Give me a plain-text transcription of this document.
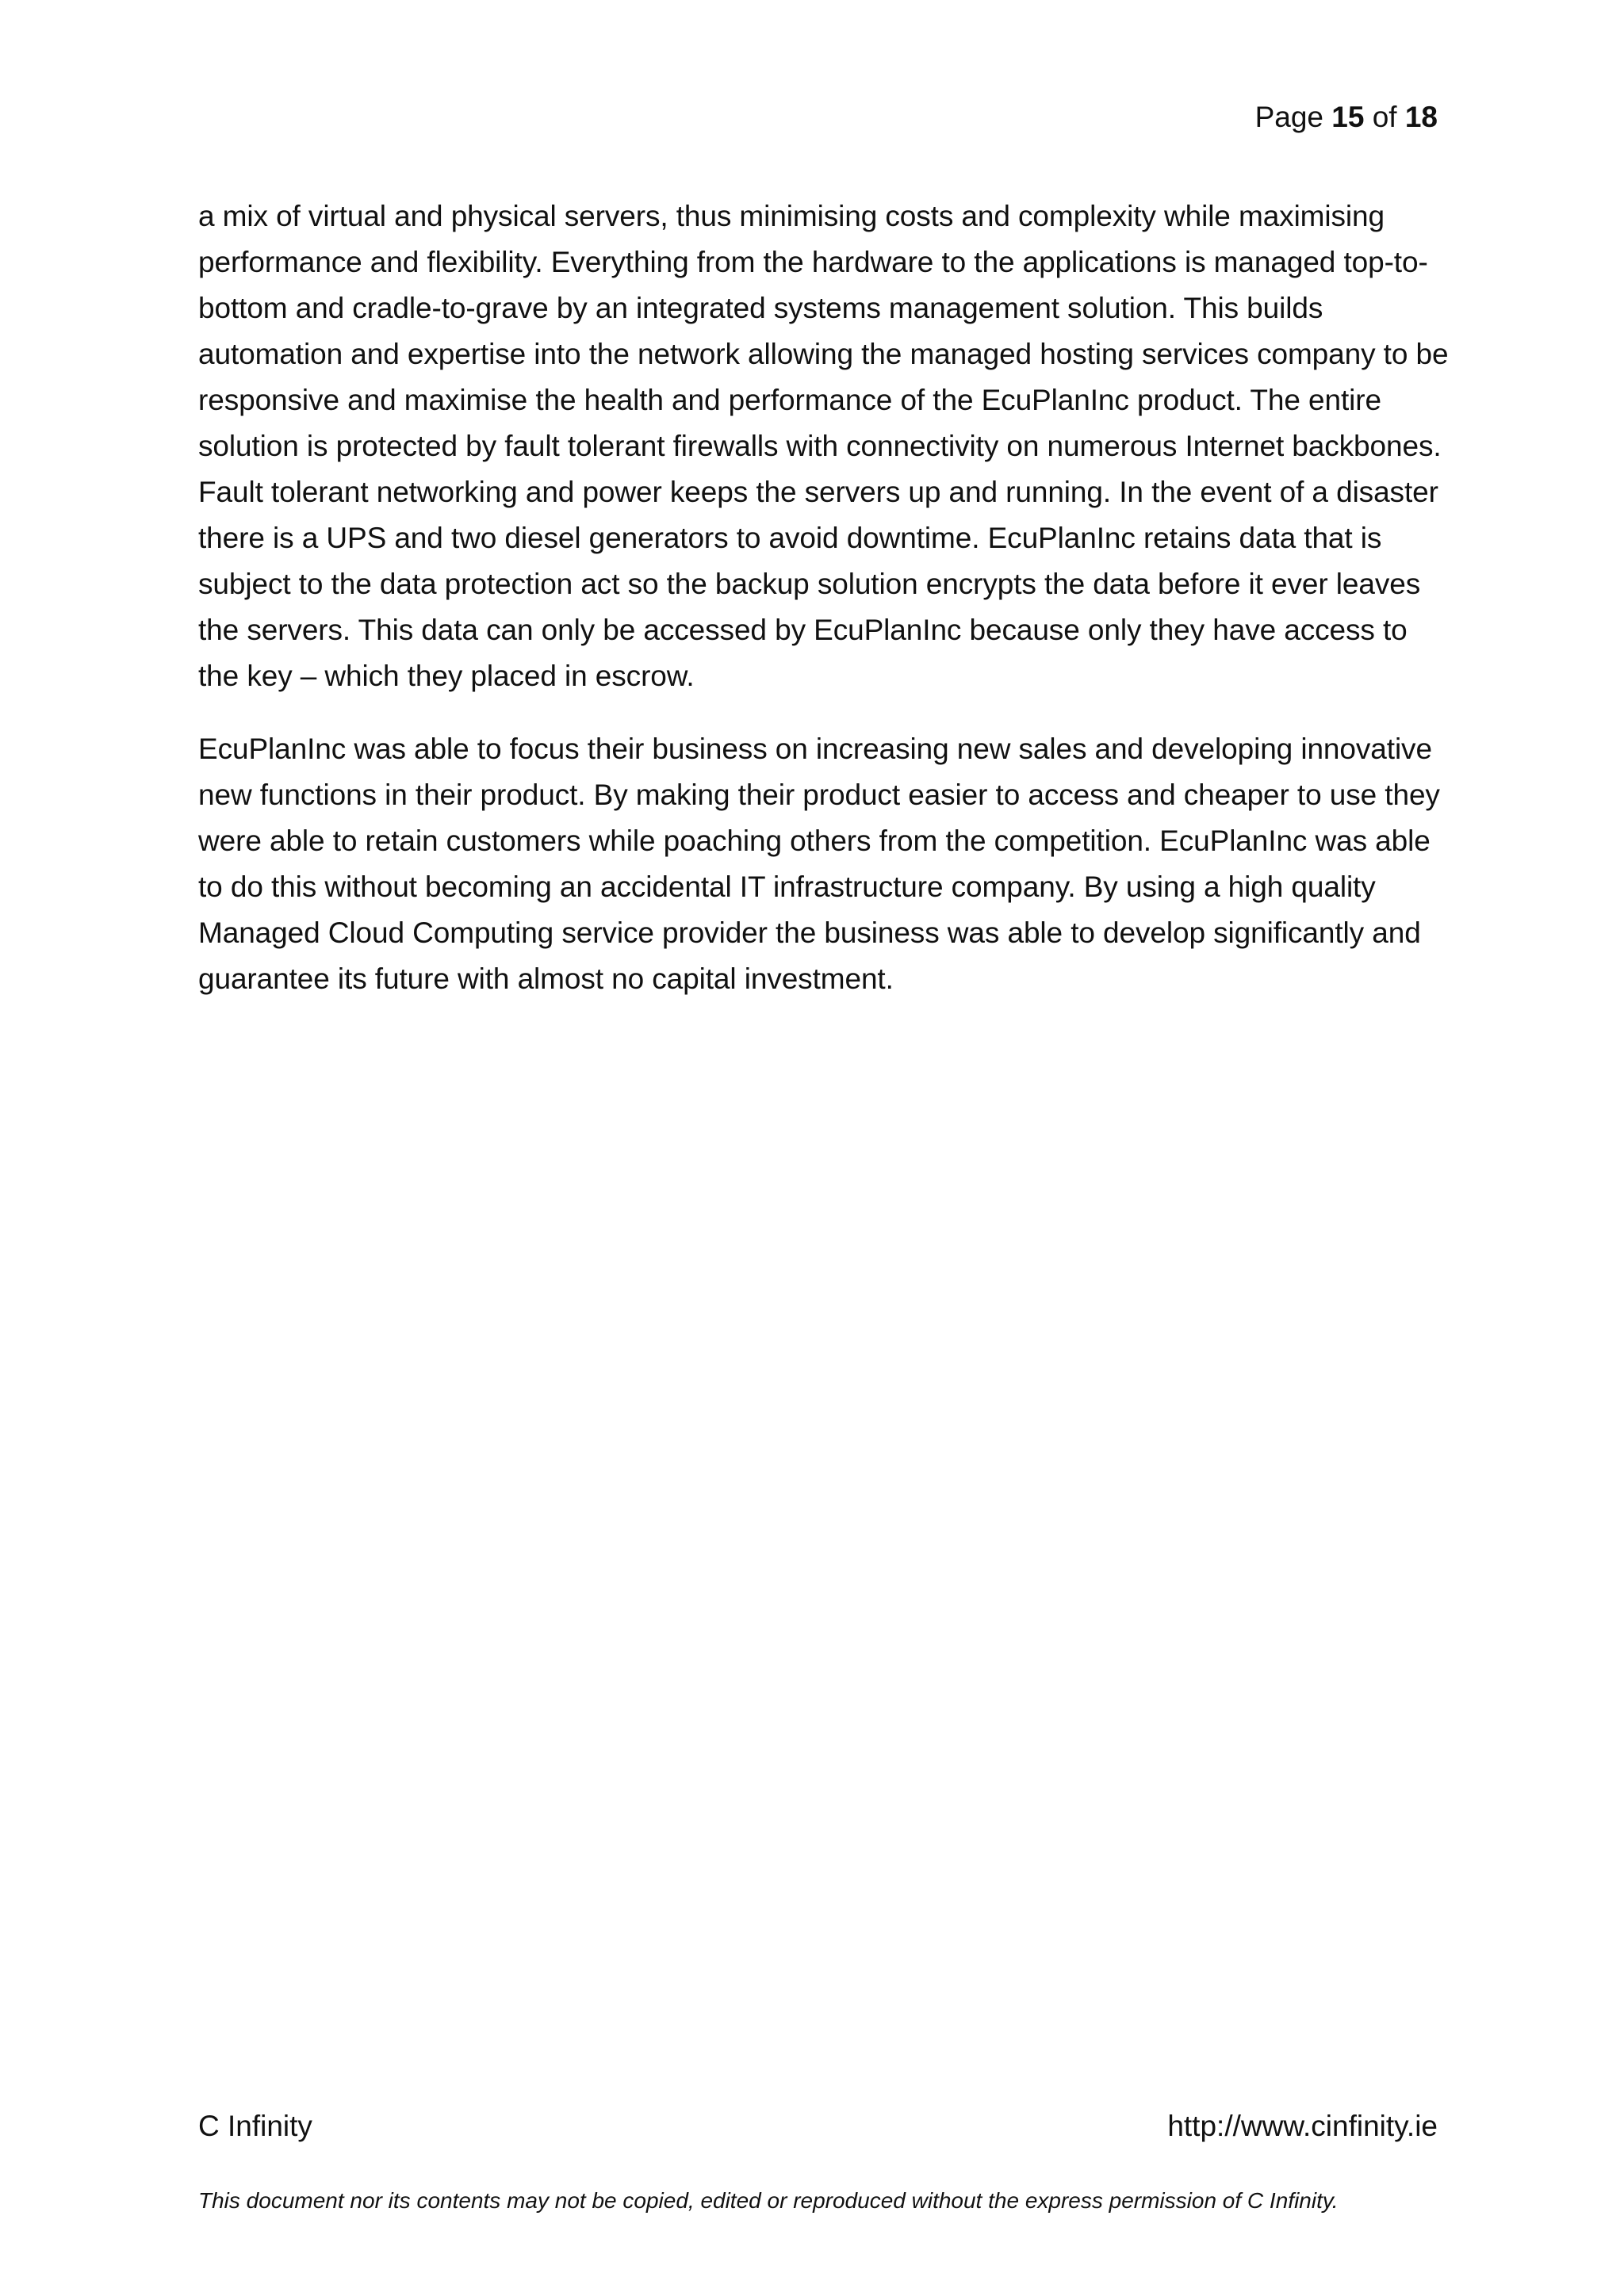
Page 15 of 18

a mix of virtual and physical servers, thus minimising costs and complexity while maximising performance and flexibility. Everything from the hardware to the applications is managed top-to-bottom and cradle-to-grave by an integrated systems management solution. This builds automation and expertise into the network allowing the managed hosting services company to be responsive and maximise the health and performance of the EcuPlanInc product. The entire solution is protected by fault tolerant firewalls with connectivity on numerous Internet backbones. Fault tolerant networking and power keeps the servers up and running. In the event of a disaster there is a UPS and two diesel generators to avoid downtime. EcuPlanInc retains data that is subject to the data protection act so the backup solution encrypts the data before it ever leaves the servers. This data can only be accessed by EcuPlanInc because only they have access to the key – which they placed in escrow.

EcuPlanInc was able to focus their business on increasing new sales and developing innovative new functions in their product. By making their product easier to access and cheaper to use they were able to retain customers while poaching others from the competition. EcuPlanInc was able to do this without becoming an accidental IT infrastructure company. By using a high quality Managed Cloud Computing service provider the business was able to develop significantly and guarantee its future with almost no capital investment.

C Infinity	http://www.cinfinity.ie
This document nor its contents may not be copied, edited or reproduced without the express permission of C Infinity.
